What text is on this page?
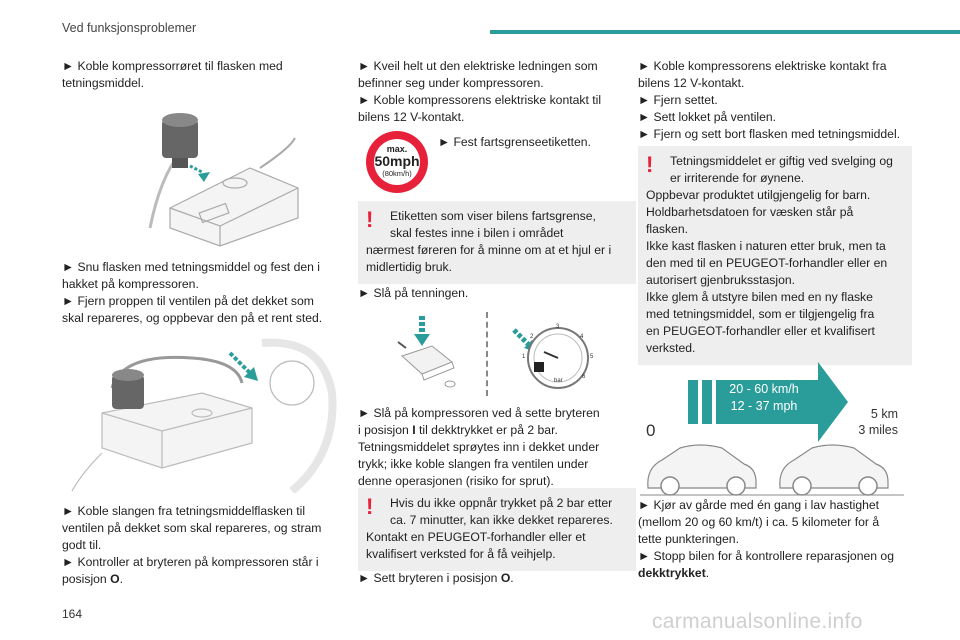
Ved funksjonsproblemer
► Koble kompressorrøret til flasken med
tetningsmiddel.
► Snu flasken med tetningsmiddel og fest den i
hakket på kompressoren.
► Fjern proppen til ventilen på det dekket som
skal repareres, og oppbevar den på et rent sted.
► Koble slangen fra tetningsmiddelflasken til
ventilen på dekket som skal repareres, og stram
godt til.
► Kontroller at bryteren på kompressoren står i
posisjon O.
► Kveil helt ut den elektriske ledningen som
befinner seg under kompressoren.
► Koble kompressorens elektriske kontakt til
bilens 12 V-kontakt.
max.
50mph
(80km/h)
► Fest fartsgrenseetiketten.
!	Etiketten som viser bilens fartsgrense,
skal festes inne i bilen i området
nærmest føreren for å minne om at et hjul er i
midlertidig bruk.
► Slå på tenningen.
1
2
3
4
5
6
bar
► Slå på kompressoren ved å sette bryteren
i posisjon I til dekktrykket er på 2 bar.
Tetningsmiddelet sprøytes inn i dekket under
trykk; ikke koble slangen fra ventilen under
denne operasjonen (risiko for sprut).
!	Hvis du ikke oppnår trykket på 2 bar etter
ca. 7 minutter, kan ikke dekket repareres.
Kontakt en PEUGEOT-forhandler eller et
kvalifisert verksted for å få veihjelp.
► Sett bryteren i posisjon O.
► Koble kompressorens elektriske kontakt fra
bilens 12 V-kontakt.
► Fjern settet.
► Sett lokket på ventilen.
► Fjern og sett bort flasken med tetningsmiddel.
!	Tetningsmiddelet er giftig ved svelging og
er irriterende for øynene.
Oppbevar produktet utilgjengelig for barn.
Holdbarhetsdatoen for væsken står på
flasken.
Ikke kast flasken i naturen etter bruk, men ta
den med til en PEUGEOT-forhandler eller en
autorisert gjenbruksstasjon.
Ikke glem å utstyre bilen med en ny flaske
med tetningsmiddel, som er tilgjengelig fra
en PEUGEOT-forhandler eller et kvalifisert
verksted.
20 - 60 km/h
12 - 37 mph
0
5 km
3 miles
► Kjør av gårde med én gang i lav hastighet
(mellom 20 og 60 km/t) i ca. 5 kilometer for å
tette punkteringen.
► Stopp bilen for å kontrollere reparasjonen og
dekktrykket.
164	carmanualsonline.info
